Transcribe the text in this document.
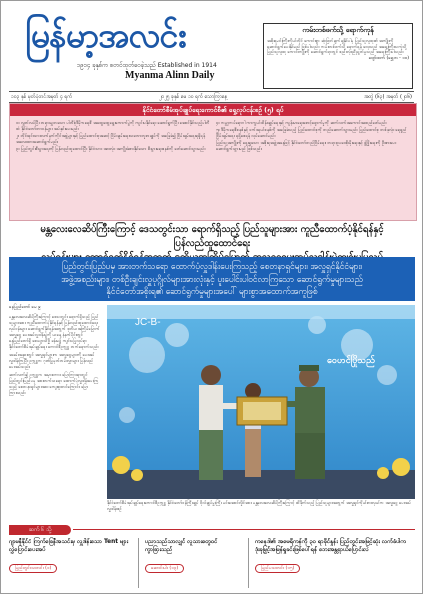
မြန်မာ့အလင်း
၁၉၁၄ ခုနှစ်က စတင်ထုတ်ဝေခဲ့သည် Established in 1914
Myanma Alinn Daily
ကမ်းတစ်ဖက်သို့ ရောက်ကုန်
အစိုးရမင်းကြီးကိုယ်တိုင် ကောင်းစွာ ဆုံးဖြတ်ချက်ချနိုင်ပါမှ ပြည်သူလူထု၏ အကျိုးကို ဆောင်ရွက်ပေးနိုင်မည် ဖြစ်ပါသည်။ ကမ်းတစ်ဖက်သို့ ရောက်ရန် လှေသည် အရေးကြီးသကဲ့သို့ ပြည်သူလူထု ကောင်းကျိုးကို ဆောင်ရွက်ရာတွင် စည်းလုံးညီညွတ်မှုသည် အရေးကြီးပါသည်။
ဗျော်ထက် (ရွှေဘ - ၁၀)
၁၀၃ နှစ် မှတ်ပုံတင်အမှတ် ၄ ရက်	၂၀၂၅ ခုနှစ် မေ ၁၀ ရက် သောကြာနေ့	အတွဲ (၆၃) အမှတ် (၂၀၆)
နိုင်ငံတော်စီမံအုပ်ချုပ်ရေးကောင်စီ၏ ရှေ့လုပ်ငန်းစဉ် (၅) ရပ်

၁။ လွတ်လပ်ပြီး တရားမျှတသော ပါတီစုံဒီမိုကရေစီ အထွေထွေရွေးကောက်ပွဲကို ကျင်းပနိုင်ရေး ဆောင်ရွက်ပြီး အောင်နိုင်သည့်ပါတီထံ နိုင်ငံတော်တာဝန်များ အပ်နှင်းပေးမည်။

၂။ တိုင်းရင်းသားလက်နက်ကိုင်အဖွဲ့များနှင့် ပြည်ထောင်စုအဆင့် ငြိမ်းချမ်းရေးသဘောတူစာချုပ်ကို အခြေခံ၍ ငြိမ်းချမ်းရေးရရှိရန် အလေးထားဆောင်ရွက်မည်။

၃။ ပြည်တွင်းစီးပွားရေးကို ပြန်လည်ထူထောင်ပြီး နိုင်ငံသား အားလုံး အကျိုးခံစားနိုင်သော စီးပွားရေးစနစ်ကို ဖော်ဆောင်သွားမည်။

၄။ ကမ္ဘာ့ကပ်ရောဂါ ကာကွယ်ထိန်းချုပ်ရေးနှင့် ကျန်းမာရေးစောင့်ရှောက်မှုကို ဆက်လက်အကောင်အထည်ဖော်မည်။

၅။ ဒီမိုကရေစီစနစ်နှင့် ဖက်ဒရယ်စနစ်ကို အခြေခံသည့် ပြည်ထောင်စုကို တည်ဆောက်သွားမည်။ ပြည်ထောင်စု တစ်ခုလုံး ရေရှည်ငြိမ်းချမ်းရေး ရရှိစေရန် လုပ်ဆောင်မည်။

ပြည်သူ့အကျိုးကို ရှေးရှုသော အစိုးရအဖွဲ့အနေဖြင့် နိုင်ငံတော်တည်ငြိမ်ရေး၊ တရားဥပဒေစိုးမိုးရေးနှင့် ဖွံ့ဖြိုးရေးကို ဦးစားပေး ဆောင်ရွက်သွားမည် ဖြစ်သည်။

မန္တလေးလေဆိပ်ကြီးကြောင့် ဒေသတွင်းသာ ရောက်ရှိသည့် ပြည်သူများအား ကူညီထောက်ပံ့နိုင်ရန်နှင့် ပြန်လည်ထူထောင်ရေး
ပြည်တွင်းပြည်ပမှ အားတက်သရော ထောက်ပံ့လှူဒါန်းပေးကြသည့် စေတနာရှင်များ၊ အလှူရှင်နိုင်ငံများ၊
အဖွဲ့အစည်းများ၊ တစ်ဦးချင်းလှူပုဂ္ဂိုလ်များအားလုံးနှင့် ပူးပေါင်းပါဝင်လာကြသော ဆောင်ရွက်မှုများသည်
နိုင်ငံတော်အစိုးရ၏ ဆောင်ရွက်မှုများအပေါ် များစွာအထောက်အကူဖြစ်
နေပြည်တော် မေ ၉

မန္တလေးလေဆိပ်ကြီးကြောင့် ဒေသတွင်း ရောက်ရှိသည့် ပြည်သူများအား ကူညီထောက်ပံ့နိုင်ရန်နှင့် ပြန်လည်ထူထောင်ရေး လုပ်ငန်းများ ဆောင်ရွက်နိုင်ရန်အတွက် ဒုတိယအကြိမ်မြောက် အလှူငွေ ပေးအပ်လှူဒါန်းပွဲကို ယနေ့ နံနက်ပိုင်းတွင် နေပြည်တော်ရှိ ဇေယျာသိဒ္ဓိ ခန်းမ၌ ကျင်းပပြုလုပ်ရာ နိုင်ငံတော်စီမံအုပ်ချုပ်ရေး ကောင်စီဥက္ကဋ္ဌ တက်ရောက်သည်။

အခမ်းအနားတွင် အလှူရှင်များက အလှူငွေများကို ပေးအပ်လှူဒါန်းကြပြီး ဥက္ကဋ္ဌက ဂုဏ်ပြုမှတ်တမ်းလွှာများ ပြန်လည်ပေးအပ်သည်။

ဆက်လက်၍ ဥက္ကဋ္ဌက အမှာစကား ပြောကြားရာတွင် ပြည်တွင်းပြည်ပမှ အားတက်သရော ထောက်ပံ့လှူဒါန်းပေးကြသည့် စေတနာရှင်များအား ကျေးဇူးတင်ကြောင်း ပြောကြားသည်။

JC-B-
ဝေဟင်ပြိုသည်
နိုင်ငံတော်စီမံအုပ်ချုပ်ရေးကောင်စီဥက္ကဋ္ဌ နိုင်ငံတော်ဝန်ကြီးချုပ် ဗိုလ်ချုပ်မှူးကြီး မင်းအောင်လှိုင်အား မန္တလေးလေဆိပ်ကြီးကြောင့် ထိခိုက်သည့် ပြည်သူများအတွက် အလှူရှင်ကိုယ်စားလှယ်က အလှူငွေ ပေးအပ်လှူဒါန်းစဉ်
ဆက် ၆ သို့
ဂျာမနီနိုင်ငံ ကြက်ခြေနီအသင်းမှ လှူဒါန်းသော Tent များ လွှဲပြောင်းပေးအပ်
ပြည်တွင်းသတင်း (၁)
ပညာသည်သာလျှင် လူသားတွေဝင်ကွာခြားသည်
ဆောင်းပါး (၁၃)
ကနေဒါ၏ အမေရိကန်ကို ၃၀ ရာခိုင်နှုန်း ပြည်တွင်းအမြင့်ဆုံး လက်ခံပါက ဒုံးခုမြှင့်အမြန်ရှုခင်းဖြစ်ပေါ်ရန် ဘေးအန္တရာယ်ပြောင်းလဲ
ပြည်ပသတင်း (၁၅)
